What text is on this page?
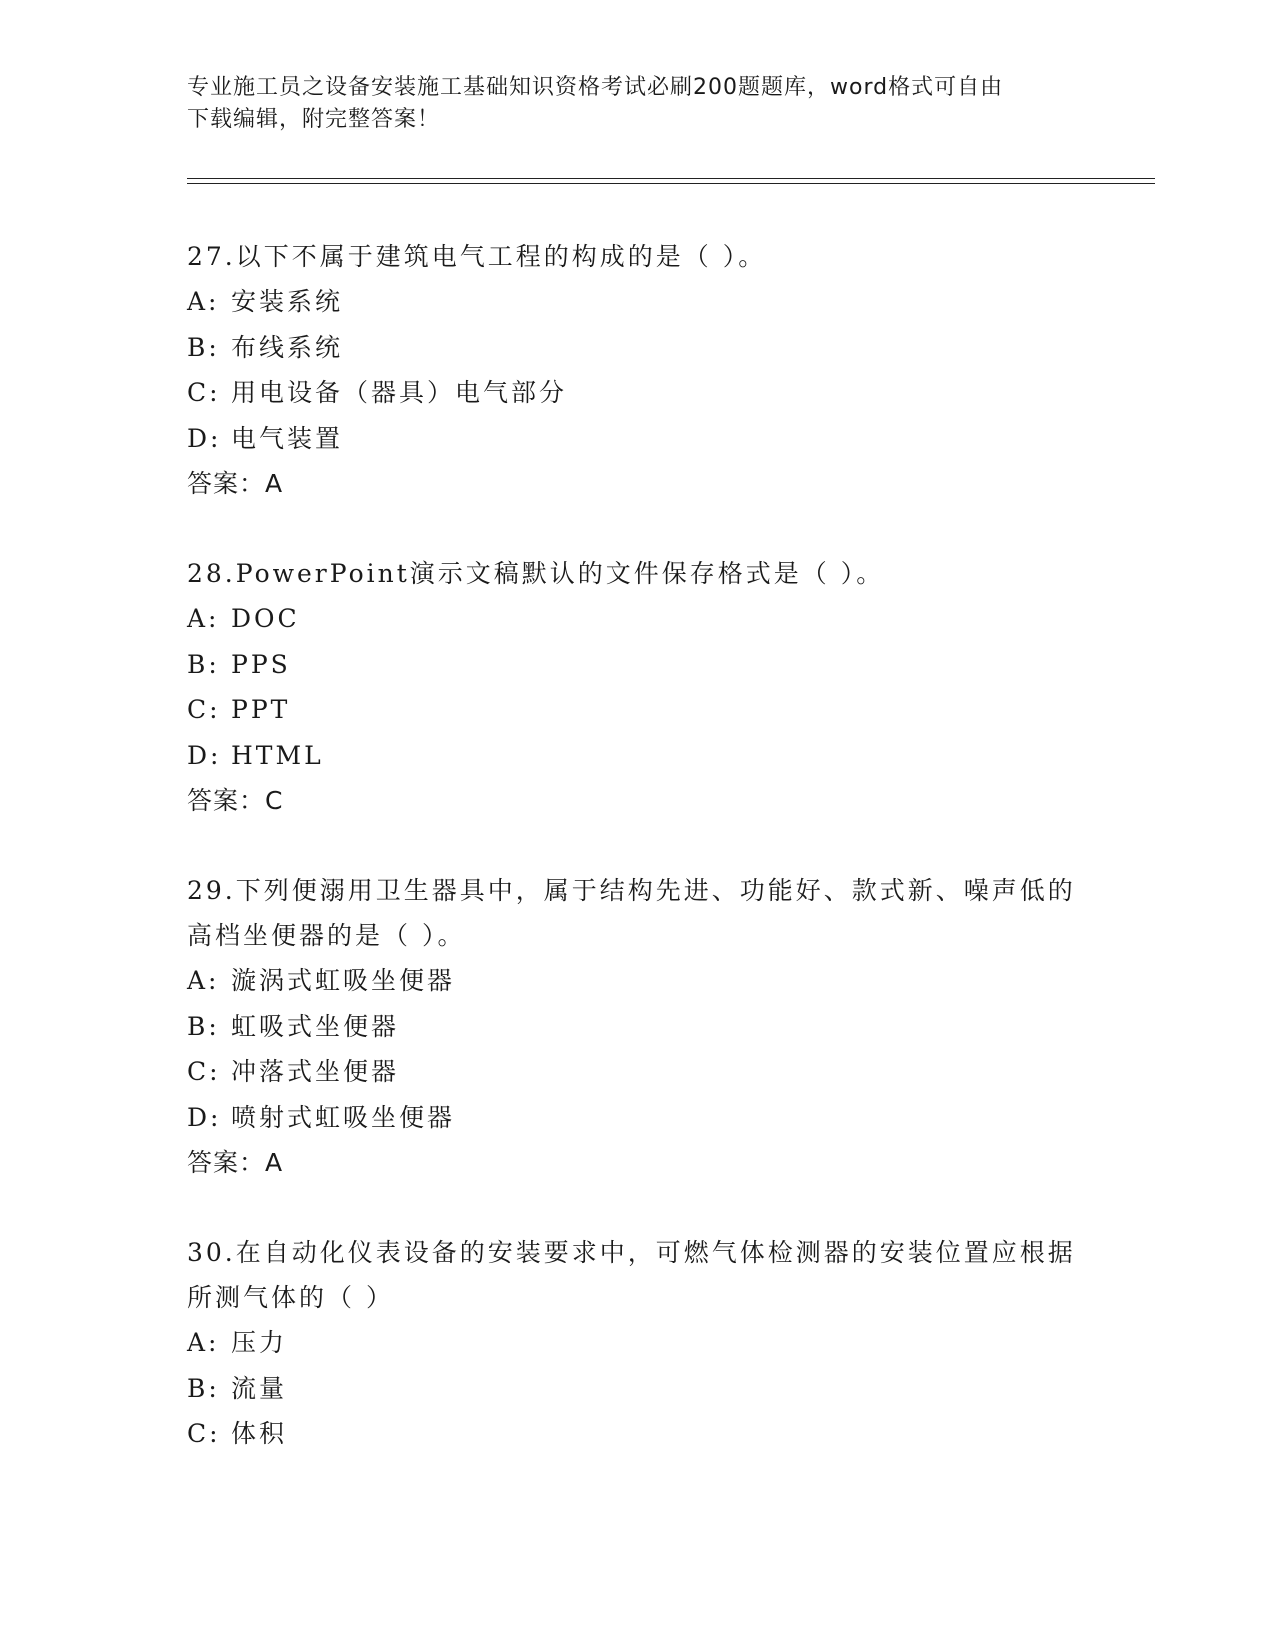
专业施工员之设备安装施工基础知识资格考试必刷200题题库，word格式可自由
下载编辑，附完整答案！
27.以下不属于建筑电气工程的构成的是（ ）。
A: 安装系统
B: 布线系统
C: 用电设备（器具）电气部分
D: 电气装置
答案：A
28.PowerPoint演示文稿默认的文件保存格式是（ ）。
A: DOC
B: PPS
C: PPT
D: HTML
答案：C
29.下列便溺用卫生器具中，属于结构先进、功能好、款式新、噪声低的高档坐便器的是（ ）。
A: 漩涡式虹吸坐便器
B: 虹吸式坐便器
C: 冲落式坐便器
D: 喷射式虹吸坐便器
答案：A
30.在自动化仪表设备的安装要求中，可燃气体检测器的安装位置应根据所测气体的（ ）
A: 压力
B: 流量
C: 体积
